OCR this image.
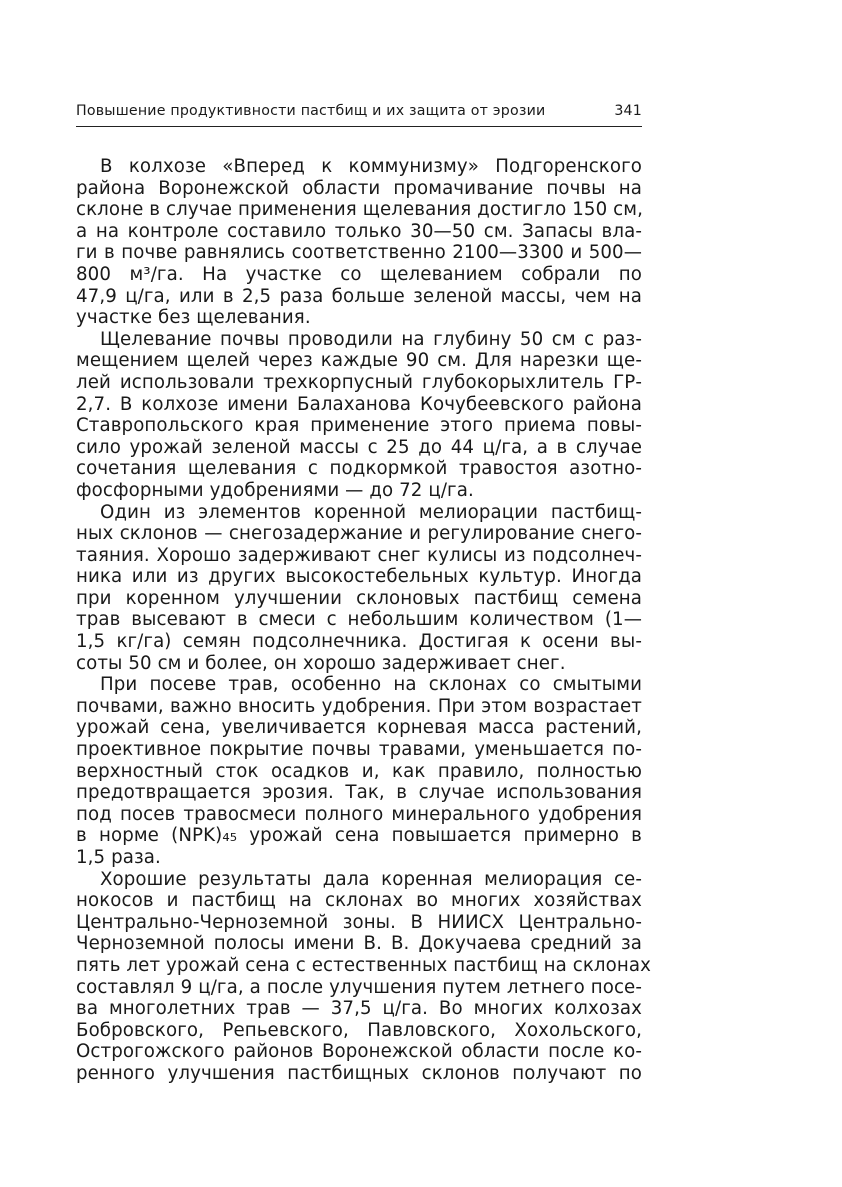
Повышение продуктивности пастбищ и их защита от эрозии	341
В колхозе «Вперед к коммунизму» Подгоренского
района Воронежской области промачивание почвы на
склоне в случае применения щелевания достигло 150 см,
а на контроле составило только 30—50 см. Запасы вла-
ги в почве равнялись соответственно 2100—3300 и 500—
800 м³/га. На участке со щелеванием собрали по
47,9 ц/га, или в 2,5 раза больше зеленой массы, чем на
участке без щелевания.
Щелевание почвы проводили на глубину 50 см с раз-
мещением щелей через каждые 90 см. Для нарезки ще-
лей использовали трехкорпусный глубокорыхлитель ГР-
2,7. В колхозе имени Балаханова Кочубеевского района
Ставропольского края применение этого приема повы-
сило урожай зеленой массы с 25 до 44 ц/га, а в случае
сочетания щелевания с подкормкой травостоя азотно-
фосфорными удобрениями — до 72 ц/га.
Один из элементов коренной мелиорации пастбищ-
ных склонов — снегозадержание и регулирование снего-
таяния. Хорошо задерживают снег кулисы из подсолнеч-
ника или из других высокостебельных культур. Иногда
при коренном улучшении склоновых пастбищ семена
трав высевают в смеси с небольшим количеством (1—
1,5 кг/га) семян подсолнечника. Достигая к осени вы-
соты 50 см и более, он хорошо задерживает снег.
При посеве трав, особенно на склонах со смытыми
почвами, важно вносить удобрения. При этом возрастает
урожай сена, увеличивается корневая масса растений,
проективное покрытие почвы травами, уменьшается по-
верхностный сток осадков и, как правило, полностью
предотвращается эрозия. Так, в случае использования
под посев травосмеси полного минерального удобрения
в норме (NPK)₄₅ урожай сена повышается примерно в
1,5 раза.
Хорошие результаты дала коренная мелиорация се-
нокосов и пастбищ на склонах во многих хозяйствах
Центрально-Черноземной зоны. В НИИСХ Центрально-
Черноземной полосы имени В. В. Докучаева средний за
пять лет урожай сена с естественных пастбищ на склонах
составлял 9 ц/га, а после улучшения путем летнего посе-
ва многолетних трав — 37,5 ц/га. Во многих колхозах
Бобровского, Репьевского, Павловского, Хохольского,
Острогожского районов Воронежской области после ко-
ренного улучшения пастбищных склонов получают по
